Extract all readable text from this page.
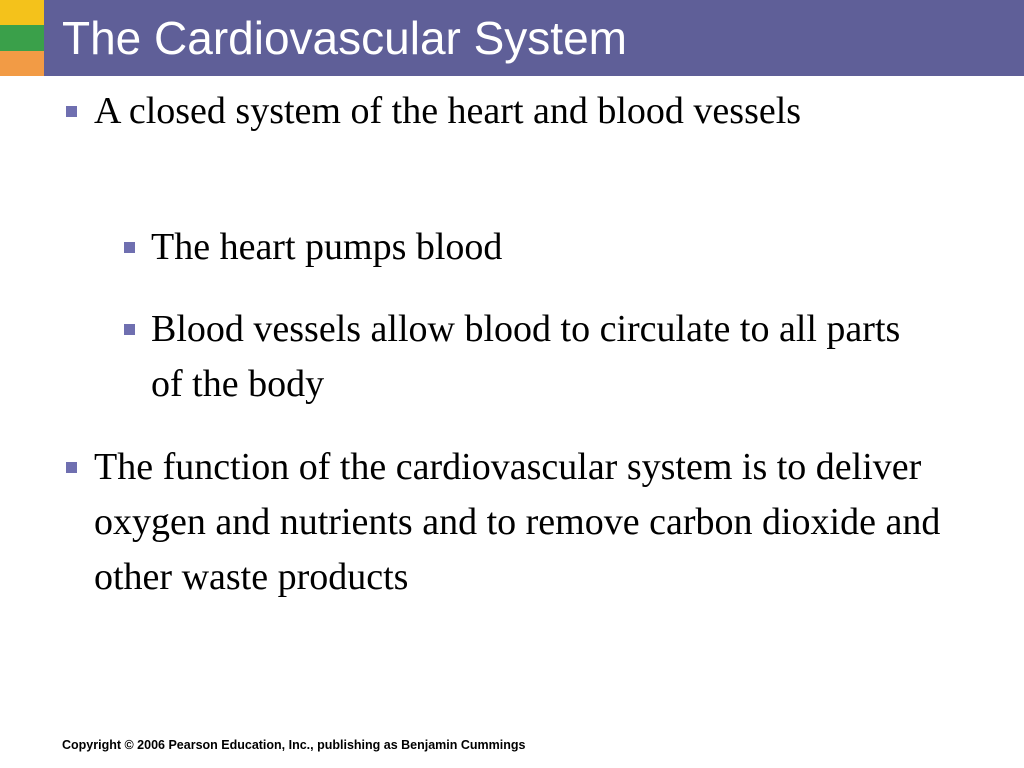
The Cardiovascular System
A closed system of the heart and blood vessels
The heart pumps blood
Blood vessels allow blood to circulate to all parts of the body
The function of the cardiovascular system is to deliver oxygen and nutrients and to remove carbon dioxide and other waste products
Copyright © 2006 Pearson Education, Inc., publishing as Benjamin Cummings
